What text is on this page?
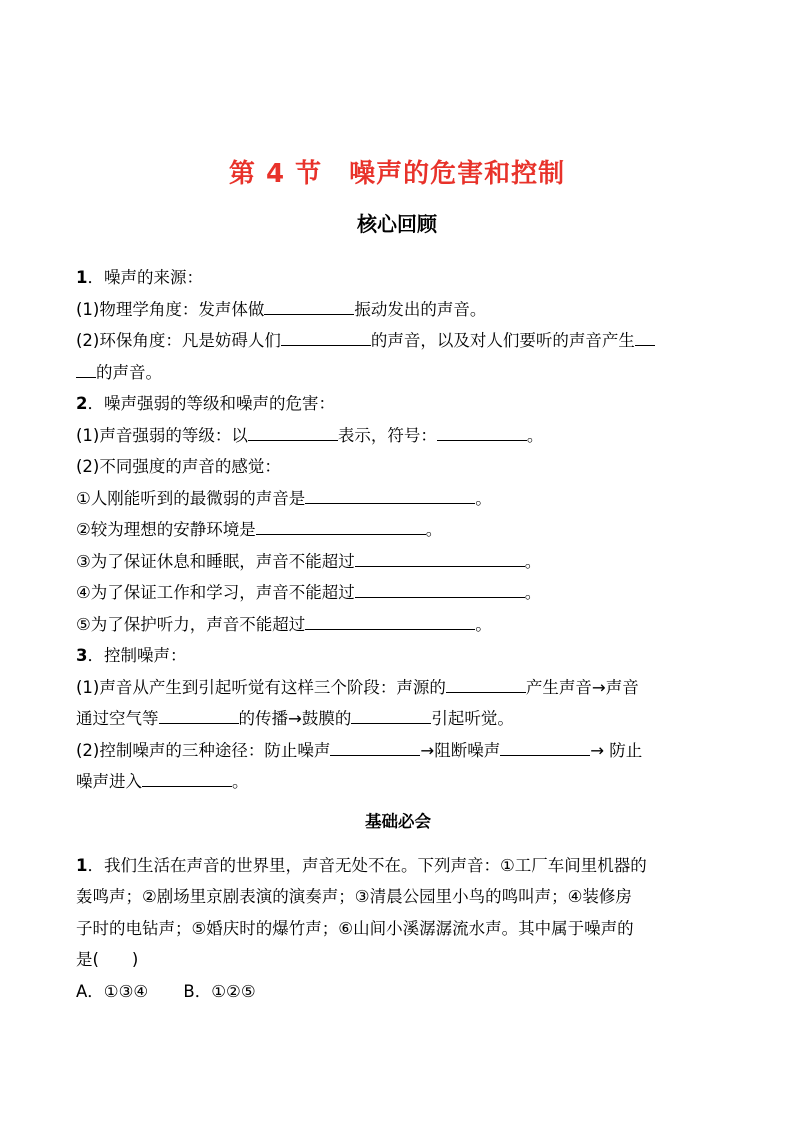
第 4 节　噪声的危害和控制
核心回顾
1．噪声的来源：
(1)物理学角度：发声体做	振动发出的声音。
(2)环保角度：凡是妨碍人们	的声音，以及对人们要听的声音产生
的声音。
2．噪声强弱的等级和噪声的危害：
(1)声音强弱的等级：以	表示，符号：	。
(2)不同强度的声音的感觉：
①人刚能听到的最微弱的声音是	。
②较为理想的安静环境是	。
③为了保证休息和睡眠，声音不能超过	。
④为了保证工作和学习，声音不能超过	。
⑤为了保护听力，声音不能超过	。
3．控制噪声：
(1)声音从产生到引起听觉有这样三个阶段：声源的	产生声音→声音
通过空气等	的传播→鼓膜的	引起听觉。
(2)控制噪声的三种途径：防止噪声	→阻断噪声	→ 防止
噪声进入	。
基础必会
1．我们生活在声音的世界里，声音无处不在。下列声音：①工厂车间里机器的
轰鸣声；②剧场里京剧表演的演奏声；③清晨公园里小鸟的鸣叫声；④装修房
子时的电钻声；⑤婚庆时的爆竹声；⑥山间小溪潺潺流水声。其中属于噪声的
是(　　)
A．①③④ B．①②⑤
